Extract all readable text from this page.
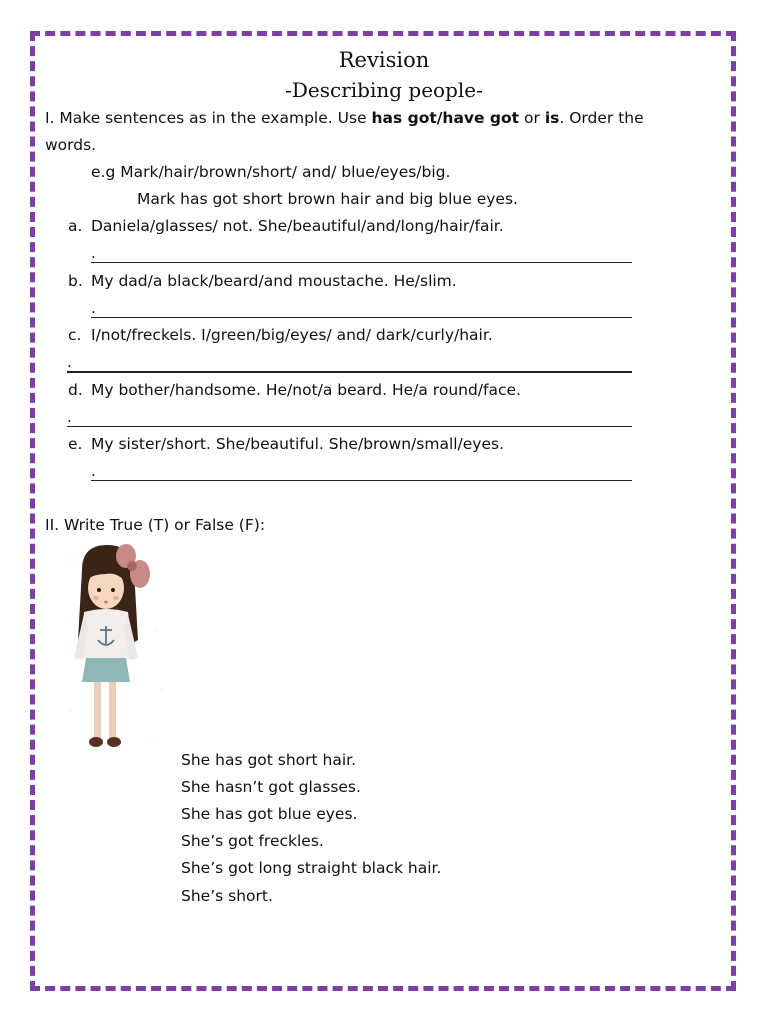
Revision
-Describing people-
I. Make sentences as in the example. Use has got/have got or is. Order the
words.
e.g Mark/hair/brown/short/ and/ blue/eyes/big.
Mark has got short brown hair and big blue eyes.
a. Daniela/glasses/ not. She/beautiful/and/long/hair/fair.
.
b. My dad/a black/beard/and moustache. He/slim.
.
c. I/not/freckels. I/green/big/eyes/ and/ dark/curly/hair.
.
d. My bother/handsome. He/not/a beard. He/a round/face.
.
e. My sister/short. She/beautiful. She/brown/small/eyes.
.
II. Write True (T) or False (F):
She has got short hair.
She hasn’t got glasses.
She has got blue eyes.
She’s got freckles.
She’s got long straight black hair.
She’s short.
